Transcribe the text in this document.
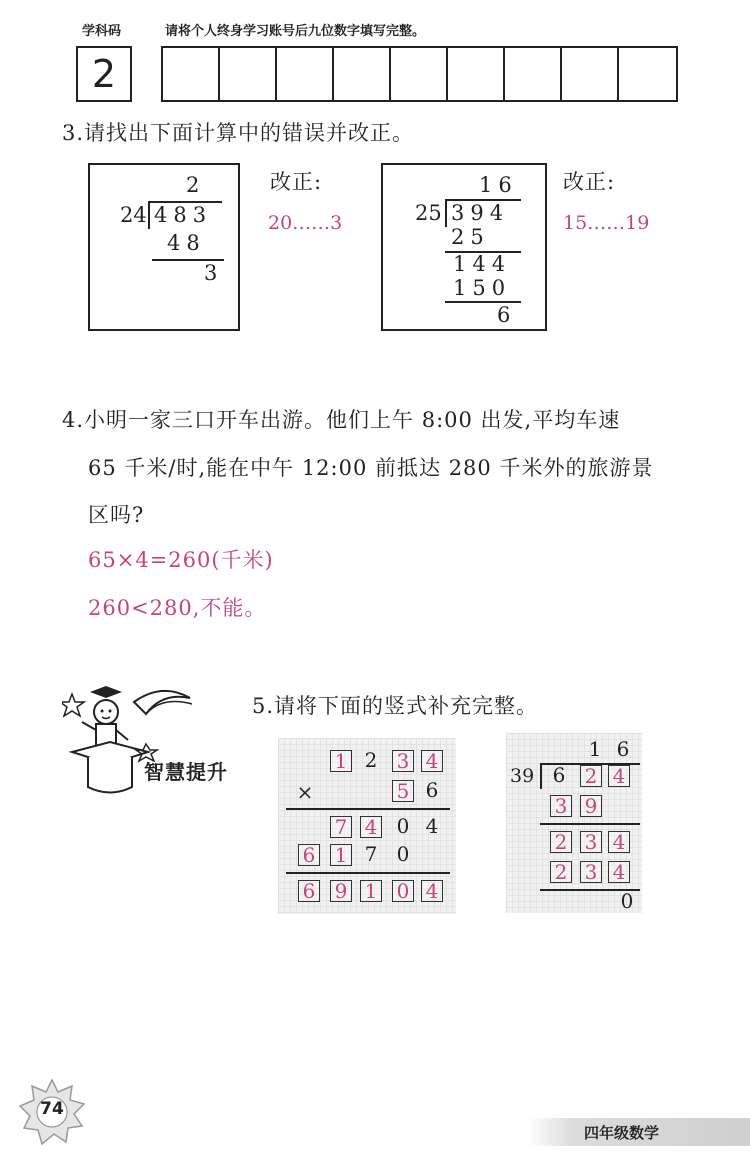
学科码	请将个人终身学习账号后九位数字填写完整。
2
3.请找出下面计算中的错误并改正。
2
24 483
48
3
改正:
20……3
16
25 394
25
144
150
6
改正:
15……19
4.小明一家三口开车出游。他们上午 8:00 出发,平均车速
65 千米/时,能在中午 12:00 前抵达 280 千米外的旅游景
区吗?
65×4=260(千米)
260<280,不能。
智慧提升
5.请将下面的竖式补充完整。
1 2 3 4
×	5 6
7 4 0 4
6 1 7 0
6 9 1 0 4
1 6
39 6 2 4
3 9
2 3 4
2 3 4
0
74
四年级数学
